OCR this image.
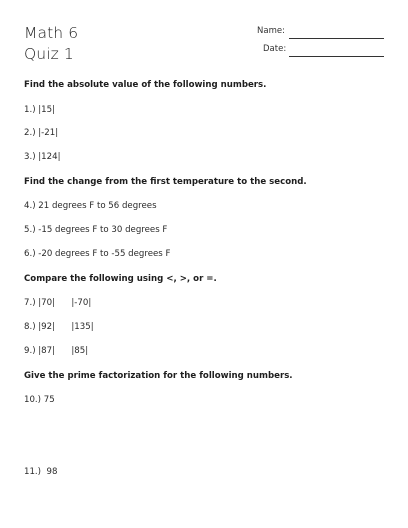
Math 6
Quiz 1
Name:
Date:
Find the absolute value of the following numbers.
1.) |15|
2.) |-21|
3.) |124|
Find the change from the first temperature to the second.
4.) 21 degrees F to 56 degrees
5.) -15 degrees F to 30 degrees F
6.) -20 degrees F to -55 degrees F
Compare the following using <, >, or =.
7.) |70|      |-70|
8.) |92|      |135|
9.) |87|      |85|
Give the prime factorization for the following numbers.
10.) 75
11.)  98
